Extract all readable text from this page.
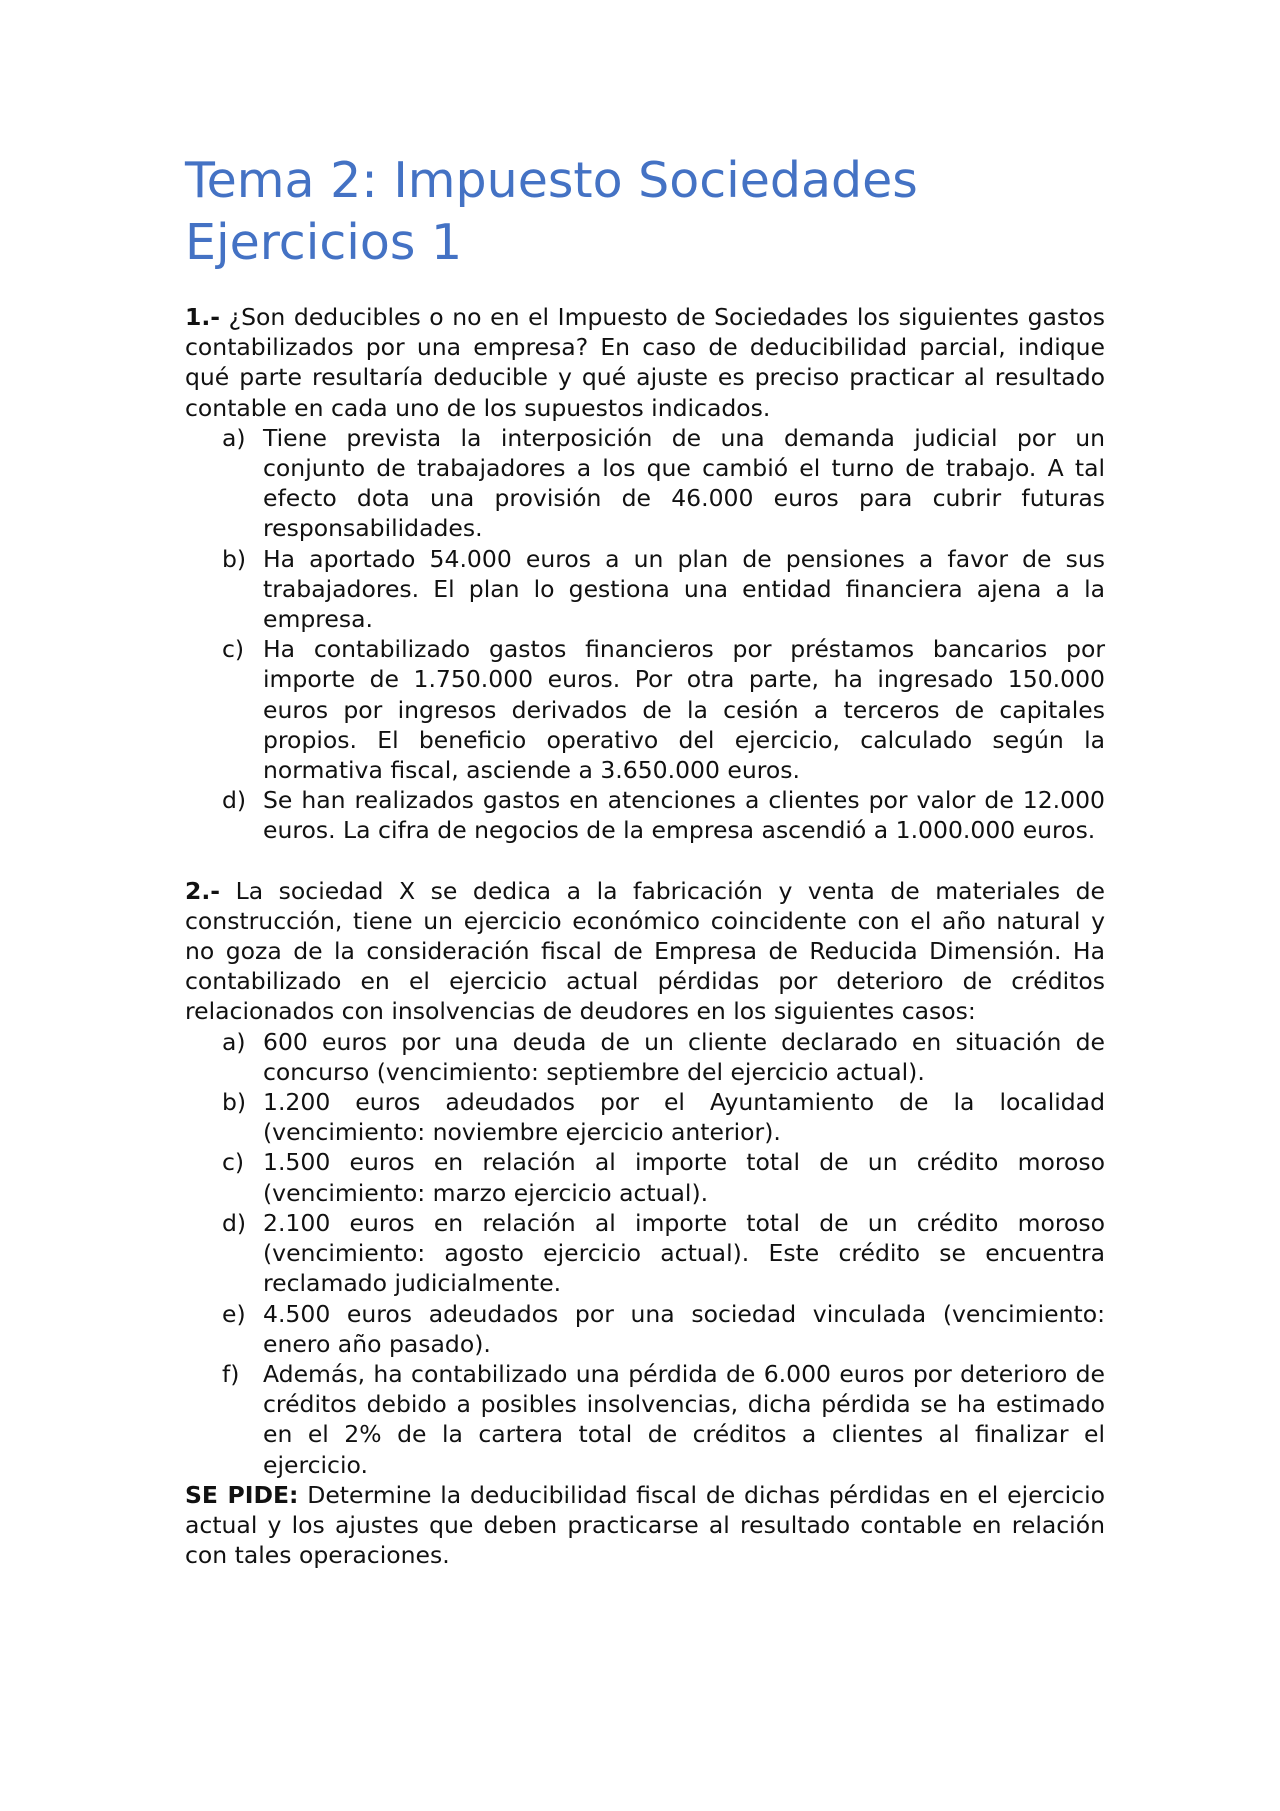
Tema 2: Impuesto Sociedades
Ejercicios 1

1.- ¿Son deducibles o no en el Impuesto de Sociedades los siguientes gastos contabilizados por una empresa? En caso de deducibilidad parcial, indique qué parte resultaría deducible y qué ajuste es preciso practicar al resultado contable en cada uno de los supuestos indicados.

a) Tiene prevista la interposición de una demanda judicial por un conjunto de trabajadores a los que cambió el turno de trabajo. A tal efecto dota una provisión de 46.000 euros para cubrir futuras responsabilidades.
b) Ha aportado 54.000 euros a un plan de pensiones a favor de sus trabajadores. El plan lo gestiona una entidad financiera ajena a la empresa.
c) Ha contabilizado gastos financieros por préstamos bancarios por importe de 1.750.000 euros. Por otra parte, ha ingresado 150.000 euros por ingresos derivados de la cesión a terceros de capitales propios. El beneficio operativo del ejercicio, calculado según la normativa fiscal, asciende a 3.650.000 euros.
d) Se han realizados gastos en atenciones a clientes por valor de 12.000 euros. La cifra de negocios de la empresa ascendió a 1.000.000 euros.

2.- La sociedad X se dedica a la fabricación y venta de materiales de construcción, tiene un ejercicio económico coincidente con el año natural y no goza de la consideración fiscal de Empresa de Reducida Dimensión. Ha contabilizado en el ejercicio actual pérdidas por deterioro de créditos relacionados con insolvencias de deudores en los siguientes casos:

a) 600 euros por una deuda de un cliente declarado en situación de concurso (vencimiento: septiembre del ejercicio actual).
b) 1.200 euros adeudados por el Ayuntamiento de la localidad (vencimiento: noviembre ejercicio anterior).
c) 1.500 euros en relación al importe total de un crédito moroso (vencimiento: marzo ejercicio actual).
d) 2.100 euros en relación al importe total de un crédito moroso (vencimiento: agosto ejercicio actual). Este crédito se encuentra reclamado judicialmente.
e) 4.500 euros adeudados por una sociedad vinculada (vencimiento: enero año pasado).
f) Además, ha contabilizado una pérdida de 6.000 euros por deterioro de créditos debido a posibles insolvencias, dicha pérdida se ha estimado en el 2% de la cartera total de créditos a clientes al finalizar el ejercicio.

SE PIDE: Determine la deducibilidad fiscal de dichas pérdidas en el ejercicio actual y los ajustes que deben practicarse al resultado contable en relación con tales operaciones.
